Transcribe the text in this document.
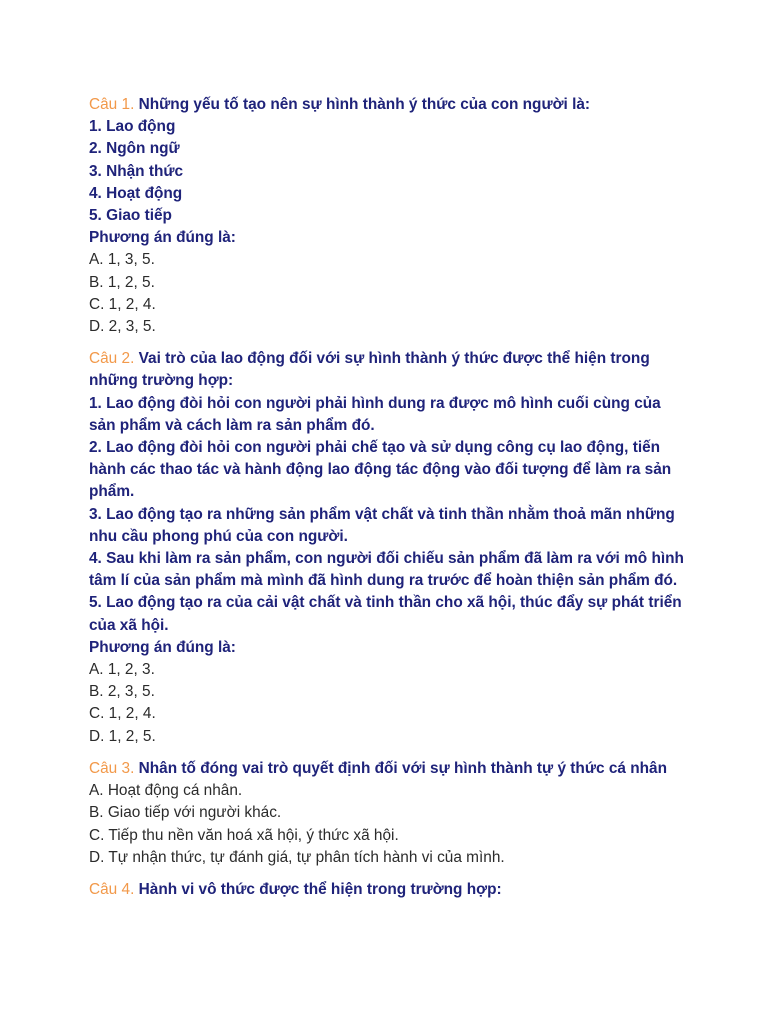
Câu 1. Những yếu tố tạo nên sự hình thành ý thức của con người là:
1. Lao động
2. Ngôn ngữ
3. Nhận thức
4. Hoạt động
5. Giao tiếp
Phương án đúng là:
A. 1, 3, 5.
B. 1, 2, 5.
C. 1, 2, 4.
D. 2, 3, 5.
Câu 2. Vai trò của lao động đối với sự hình thành ý thức được thể hiện trong những trường hợp:
1. Lao động đòi hỏi con người phải hình dung ra được mô hình cuối cùng của sản phẩm và cách làm ra sản phẩm đó.
2. Lao động đòi hỏi con người phải chế tạo và sử dụng công cụ lao động, tiến hành các thao tác và hành động lao động tác động vào đối tượng để làm ra sản phẩm.
3. Lao động tạo ra những sản phẩm vật chất và tinh thần nhằm thoả mãn những nhu cầu phong phú của con người.
4. Sau khi làm ra sản phẩm, con người đối chiếu sản phẩm đã làm ra với mô hình tâm lí của sản phẩm mà mình đã hình dung ra trước để hoàn thiện sản phẩm đó.
5. Lao động tạo ra của cải vật chất và tinh thần cho xã hội, thúc đẩy sự phát triển của xã hội.
Phương án đúng là:
A. 1, 2, 3.
B. 2, 3, 5.
C. 1, 2, 4.
D. 1, 2, 5.
Câu 3. Nhân tố đóng vai trò quyết định đối với sự hình thành tự ý thức cá nhân
A. Hoạt động cá nhân.
B. Giao tiếp với người khác.
C. Tiếp thu nền văn hoá xã hội, ý thức xã hội.
D. Tự nhận thức, tự đánh giá, tự phân tích hành vi của mình.
Câu 4. Hành vi vô thức được thể hiện trong trường hợp:
